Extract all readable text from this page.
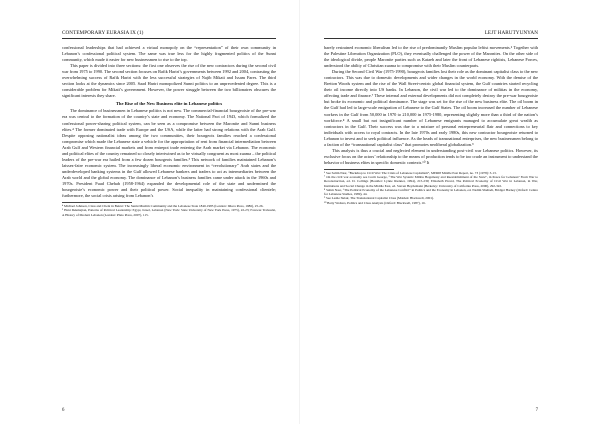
CONTEMPORARY EURASIA IX (1)

confessional leaderships that had achieved a virtual monopoly on the “representation” of their own community in Lebanon’s confessional political system. The same was true less for the highly fragmented politics of the Sunni community, which made it easier for new businessmen to rise to the top.

This paper is divided into three sections: the first one observes the rise of the new contractors during the second civil war from 1975 to 1990. The second section focuses on Rafik Hariri’s governments between 1992 and 2004, contrasting the overwhelming success of Rafik Hariri with the less successful strategies of Najib Mikati and Issam Fares. The third section looks at the dynamics since 2005. Saad Hariri monopolized Sunni politics to an unprecedented degree. This is a considerable problem for Mikati’s government. However, the power struggle between the two billionaires obscures the significant interests they share.

The Rise of the New Business elite in Lebanese politics

The dominance of businessmen in Lebanese politics is not new. The commercial-financial bourgeoisie of the pre-war era was central to the formation of the country’s state and economy. The National Pact of 1943, which formalized the confessional power-sharing political system, can be seen as a compromise between the Maronite and Sunni business elites.⁴ The former dominated trade with Europe and the USA, while the latter had strong relations with the Arab Gulf. Despite opposing nationalist ideas among the two communities, their bourgeois families reached a confessional compromise which made the Lebanese state a vehicle for the appropriation of rent from financial intermediation between Arab Gulf and Western financial markets and from entrepot trade entering the Arab market via Lebanon. The economic and political elites of the country remained so closely intertwined as to be virtually congruent as most zuama – the political leaders of the pre-war era hailed from a few dozen bourgeois families.⁵ This network of families maintained Lebanon’s laissez-faire economic system. The increasingly liberal economic environment in “revolutionary” Arab states and the underdeveloped banking systems in the Gulf allowed Lebanese bankers and traders to act as intermediaries between the Arab world and the global economy. The dominance of Lebanon’s business families came under attack in the 1960s and 1970s. President Fuad Chehab (1958-1964) expanded the developmental role of the state and undermined the bourgeoisie’s economic power and their political power. Social inequality in maintaining confessional clientele; furthermore, the social crisis arising from Lebanon’s

⁴ Michael Johnson, Class and Client in Beirut: The Sunni Muslim Community and the Lebanese State 1840-1985 (London: Ithaca Press, 1986), 25-26.

⁵ Hani Dekmejian, Patterns of Political Leadership: Egypt, Israel, Lebanon (New York: State University of New York Press, 1975), 22-23; Fawwaz Traboulsi, A History of Modern Lebanon (London: Pluto Press, 2007), 115.

6
LEJT HARUTYUNYAN

barely restrained economic liberalism led to the rise of predominantly Muslim popular leftist movements.⁶ Together with the Palestine Liberation Organization (PLO), they eventually challenged the power of the Maronites. On the other side of the ideological divide, people Maronite parties such as Kataeb and later the front of Lebanese rightists, Lebanese Forces, understood the ability of Christian zuama to compromise with their Muslim counterparts.

During the Second Civil War (1975-1990), bourgeois families lost their role as the dominant capitalist class to the new contractors. This was due to domestic developments and wider changes in the world economy. With the demise of the Bretton Woods system and the rise of the Wall Street-centric global financial system, the Gulf countries started recycling their oil income directly into US banks. In Lebanon, the civil war led to the dominance of militias in the economy, affecting trade and finance.⁷ These internal and external developments did not completely destroy the pre-war bourgeoisie but broke its economic and political dominance. The stage was set for the rise of the new business elite. The oil boom in the Gulf had led to large-scale emigration of Lebanese to the Gulf States. The oil boom increased the number of Lebanese workers in the Gulf from 50,000 in 1970 to 210,000 in 1975-1980, representing slightly more than a third of the nation’s workforce.⁸ A small but not insignificant number of Lebanese emigrants managed to accumulate great wealth as contractors in the Gulf. Their success was due to a mixture of personal entrepreneurial flair and connections to key individuals with access to royal contracts. In the late 1970s and early 1980s, this new contractor bourgeoisie returned to Lebanon to invest and to seek political influence. As the heads of transnational enterprises, the new businessmen belong to a faction of the “transnational capitalist class” that promotes neoliberal globalization.⁹

This analysis is thus a crucial and neglected element in understanding post-civil war Lebanese politics. However, its exclusive focus on the actors’ relationship to the means of production tends to be too crude an instrument to understand the behavior of business elites in specific domestic contexts.¹⁰ It

⁶ See Salim Nasr, “Backdrop to Civil War: The Crisis of Lebanese Capitalism”, MERIP Middle East Report, no. 73 (1978): 3-13.

⁷ On the civil war economy see Corm George, “The War System: Militia Hegemony and Reestablishment of the State”, in Peace for Lebanon? From War to Reconstruction, ed. D. Collings (Boulder: Lynne Rienner, 1994), 215-230; Elizabeth Picard, The Political Economy of Civil War in Lebanon, in War, Institutions and Social Change in the Middle East, ed. Steven Heydemann (Berkeley: University of California Press, 2000), 292-322.

⁸ Salim Nasr, “The Political Economy of the Lebanese Conflict” in Politics and the Economy in Lebanon, ed. Nadim Shehadi, Bridget Harney (Oxford: Centre for Lebanese Studies, 1989), 44.

⁹ See Leslie Sklair, The Transnational Capitalist Class (Malden: Blackwell, 2001).

¹⁰ Batty Wolters, Politics and Class Analysis (Oxford: Blackwell, 1987), 16.

7
